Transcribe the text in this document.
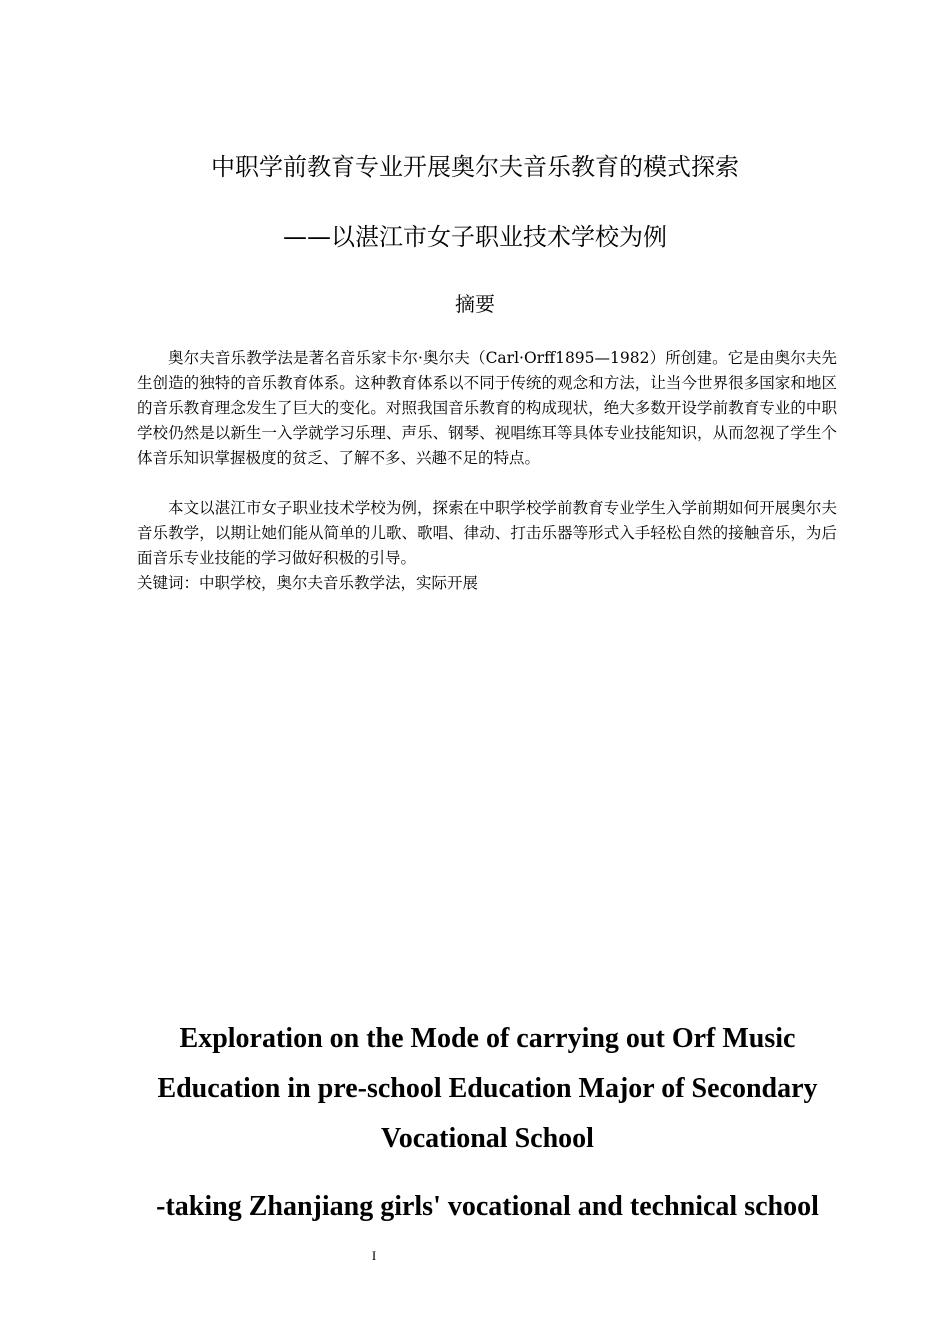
中职学前教育专业开展奥尔夫音乐教育的模式探索
——以湛江市女子职业技术学校为例
摘要

奥尔夫音乐教学法是著名音乐家卡尔·奥尔夫（Carl·Orff1895—1982）所创建。它是由奥尔夫先生创造的独特的音乐教育体系。这种教育体系以不同于传统的观念和方法，让当今世界很多国家和地区的音乐教育理念发生了巨大的变化。对照我国音乐教育的构成现状，绝大多数开设学前教育专业的中职学校仍然是以新生一入学就学习乐理、声乐、钢琴、视唱练耳等具体专业技能知识，从而忽视了学生个体音乐知识掌握极度的贫乏、了解不多、兴趣不足的特点。

本文以湛江市女子职业技术学校为例，探索在中职学校学前教育专业学生入学前期如何开展奥尔夫音乐教学，以期让她们能从简单的儿歌、歌唱、律动、打击乐器等形式入手轻松自然的接触音乐，为后面音乐专业技能的学习做好积极的引导。

关键词：中职学校，奥尔夫音乐教学法，实际开展

Exploration on the Mode of carrying out Orf Music Education in pre-school Education Major of Secondary Vocational School
-taking Zhanjiang girls' vocational and technical school
I
